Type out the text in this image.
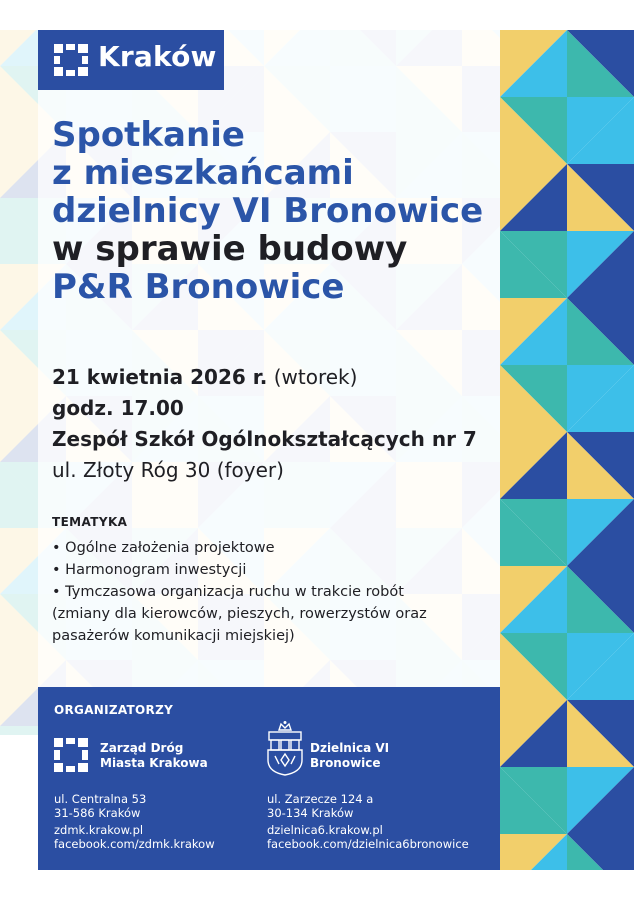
Kraków
Spotkanie
z mieszkańcami
dzielnicy VI Bronowice
w sprawie budowy
P&R Bronowice
21 kwietnia 2026 r. (wtorek)
godz. 17.00
Zespół Szkół Ogólnokształcących nr 7
ul. Złoty Róg 30 (foyer)
TEMATYKA
• Ogólne założenia projektowe
• Harmonogram inwestycji
• Tymczasowa organizacja ruchu w trakcie robót
(zmiany dla kierowców, pieszych, rowerzystów oraz
pasażerów komunikacji miejskiej)
ORGANIZATORZY
Zarząd Dróg
Miasta Krakowa
ul. Centralna 53
31-586 Kraków
zdmk.krakow.pl
facebook.com/zdmk.krakow
Dzielnica VI
Bronowice
ul. Zarzecze 124 a
30-134 Kraków
dzielnica6.krakow.pl
facebook.com/dzielnica6bronowice
